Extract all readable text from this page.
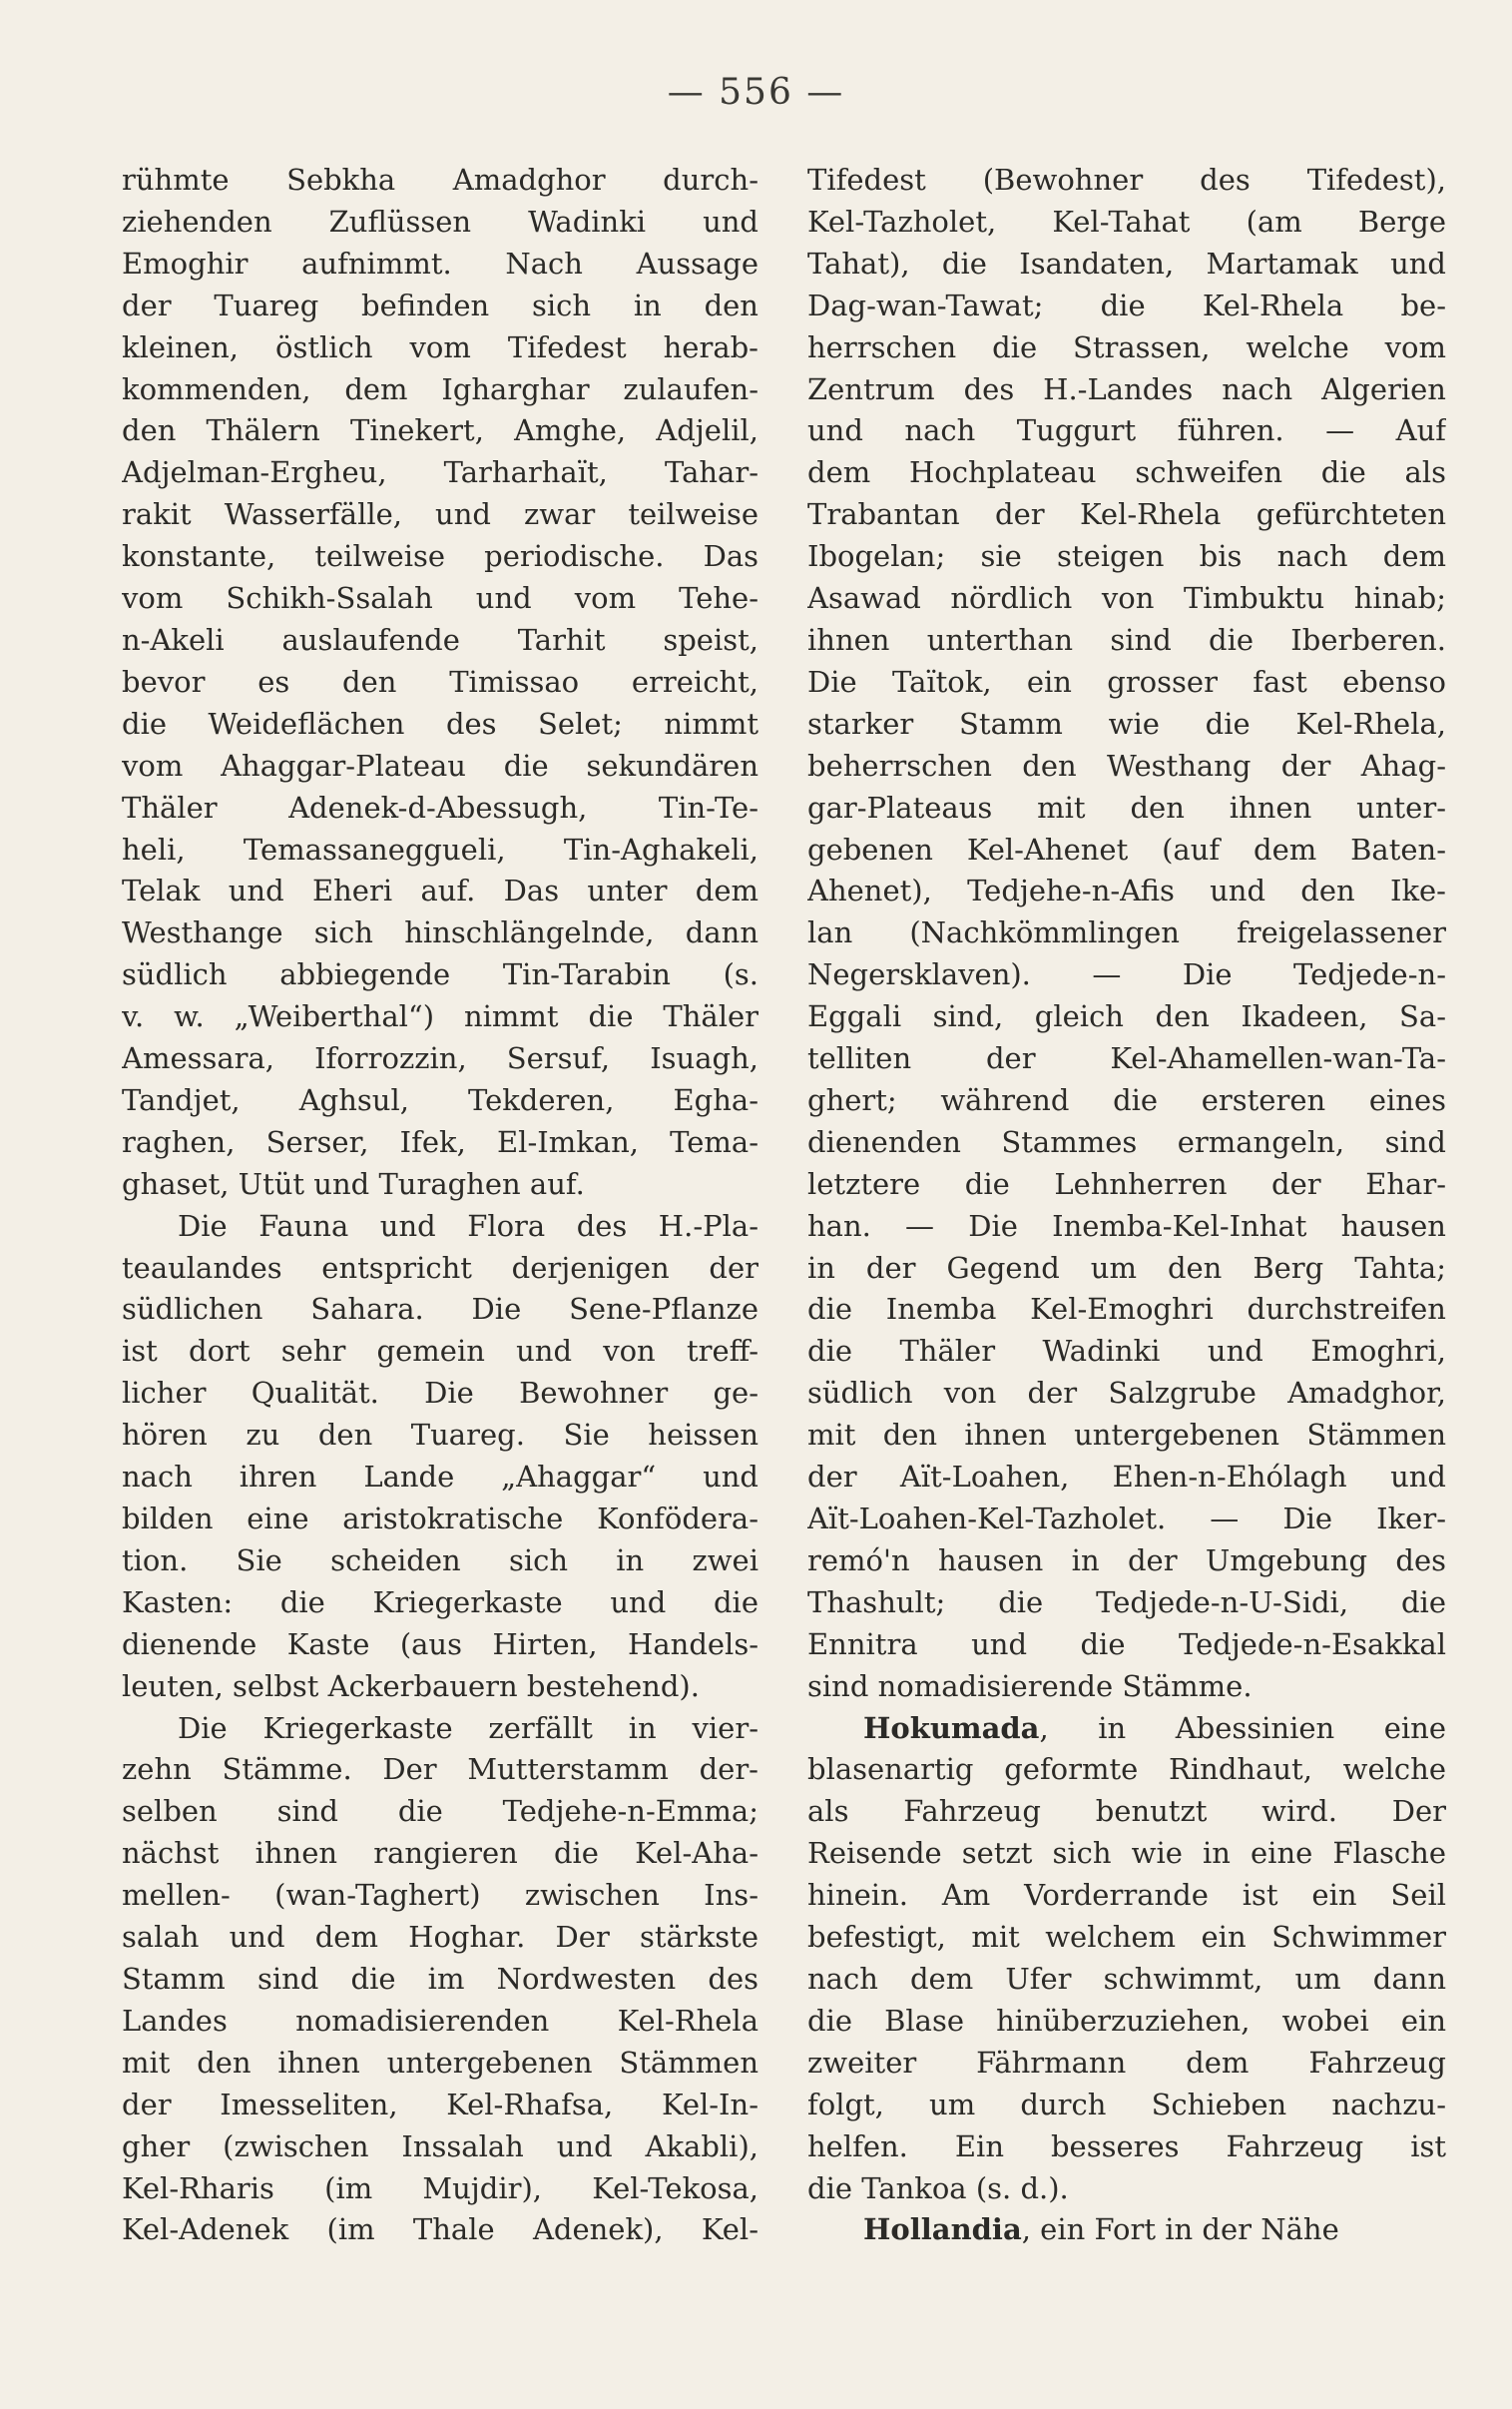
— 556 —
rühmte Sebkha Amadghor durch-
ziehenden Zuflüssen Wadinki und
Emoghir aufnimmt. Nach Aussage
der Tuareg befinden sich in den
kleinen, östlich vom Tifedest herab-
kommenden, dem Igharghar zulaufen-
den Thälern Tinekert, Amghe, Adjelil,
Adjelman-Ergheu, Tarharhaït, Tahar-
rakit Wasserfälle, und zwar teilweise
konstante, teilweise periodische. Das
vom Schikh-Ssalah und vom Tehe-
n-Akeli auslaufende Tarhit speist,
bevor es den Timissao erreicht,
die Weideflächen des Selet; nimmt
vom Ahaggar-Plateau die sekundären
Thäler Adenek-d-Abessugh, Tin-Te-
heli, Temassaneggueli, Tin-Aghakeli,
Telak und Eheri auf. Das unter dem
Westhange sich hinschlängelnde, dann
südlich abbiegende Tin-Tarabin (s.
v. w. „Weiberthal“) nimmt die Thäler
Amessara, Iforrozzin, Sersuf, Isuagh,
Tandjet, Aghsul, Tekderen, Egha-
raghen, Serser, Ifek, El-Imkan, Tema-
ghaset, Utüt und Turaghen auf.
Die Fauna und Flora des H.-Pla-
teaulandes entspricht derjenigen der
südlichen Sahara. Die Sene-Pflanze
ist dort sehr gemein und von treff-
licher Qualität. Die Bewohner ge-
hören zu den Tuareg. Sie heissen
nach ihren Lande „Ahaggar“ und
bilden eine aristokratische Konfödera-
tion. Sie scheiden sich in zwei
Kasten: die Kriegerkaste und die
dienende Kaste (aus Hirten, Handels-
leuten, selbst Ackerbauern bestehend).
Die Kriegerkaste zerfällt in vier-
zehn Stämme. Der Mutterstamm der-
selben sind die Tedjehe-n-Emma;
nächst ihnen rangieren die Kel-Aha-
mellen- (wan-Taghert) zwischen Ins-
salah und dem Hoghar. Der stärkste
Stamm sind die im Nordwesten des
Landes nomadisierenden Kel-Rhela
mit den ihnen untergebenen Stämmen
der Imesseliten, Kel-Rhafsa, Kel-In-
gher (zwischen Inssalah und Akabli),
Kel-Rharis (im Mujdir), Kel-Tekosa,
Kel-Adenek (im Thale Adenek), Kel-
Tifedest (Bewohner des Tifedest),
Kel-Tazholet, Kel-Tahat (am Berge
Tahat), die Isandaten, Martamak und
Dag-wan-Tawat; die Kel-Rhela be-
herrschen die Strassen, welche vom
Zentrum des H.-Landes nach Algerien
und nach Tuggurt führen. — Auf
dem Hochplateau schweifen die als
Trabantan der Kel-Rhela gefürchteten
Ibogelan; sie steigen bis nach dem
Asawad nördlich von Timbuktu hinab;
ihnen unterthan sind die Iberberen.
Die Taïtok, ein grosser fast ebenso
starker Stamm wie die Kel-Rhela,
beherrschen den Westhang der Ahag-
gar-Plateaus mit den ihnen unter-
gebenen Kel-Ahenet (auf dem Baten-
Ahenet), Tedjehe-n-Afis und den Ike-
lan (Nachkömmlingen freigelassener
Negersklaven). — Die Tedjede-n-
Eggali sind, gleich den Ikadeen, Sa-
telliten der Kel-Ahamellen-wan-Ta-
ghert; während die ersteren eines
dienenden Stammes ermangeln, sind
letztere die Lehnherren der Ehar-
han. — Die Inemba-Kel-Inhat hausen
in der Gegend um den Berg Tahta;
die Inemba Kel-Emoghri durchstreifen
die Thäler Wadinki und Emoghri,
südlich von der Salzgrube Amadghor,
mit den ihnen untergebenen Stämmen
der Aït-Loahen, Ehen-n-Ehólagh und
Aït-Loahen-Kel-Tazholet. — Die Iker-
remó'n hausen in der Umgebung des
Thashult; die Tedjede-n-U-Sidi, die
Ennitra und die Tedjede-n-Esakkal
sind nomadisierende Stämme.
Hokumada, in Abessinien eine
blasenartig geformte Rindhaut, welche
als Fahrzeug benutzt wird. Der
Reisende setzt sich wie in eine Flasche
hinein. Am Vorderrande ist ein Seil
befestigt, mit welchem ein Schwimmer
nach dem Ufer schwimmt, um dann
die Blase hinüberzuziehen, wobei ein
zweiter Fährmann dem Fahrzeug
folgt, um durch Schieben nachzu-
helfen. Ein besseres Fahrzeug ist
die Tankoa (s. d.).
Hollandia, ein Fort in der Nähe
